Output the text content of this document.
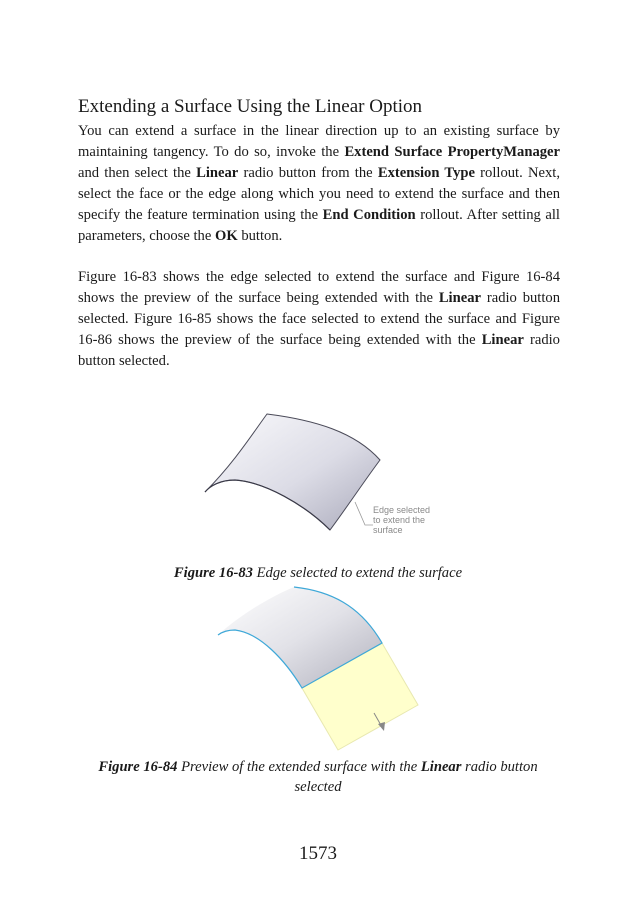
Extending a Surface Using the Linear Option

You can extend a surface in the linear direction up to an existing surface by maintaining tangency. To do so, invoke the Extend Surface PropertyManager and then select the Linear radio button from the Extension Type rollout. Next, select the face or the edge along which you need to extend the surface and then specify the feature termination using the End Condition rollout. After setting all parameters, choose the OK button.

Figure 16-83 shows the edge selected to extend the surface and Figure 16-84 shows the preview of the surface being extended with the Linear radio button selected. Figure 16-85 shows the face selected to extend the surface and Figure 16-86 shows the preview of the surface being extended with the Linear radio button selected.

Edge selected
to extend the
surface
Figure 16-83 Edge selected to extend the surface
Figure 16-84 Preview of the extended surface with the Linear radio button selected
1573
